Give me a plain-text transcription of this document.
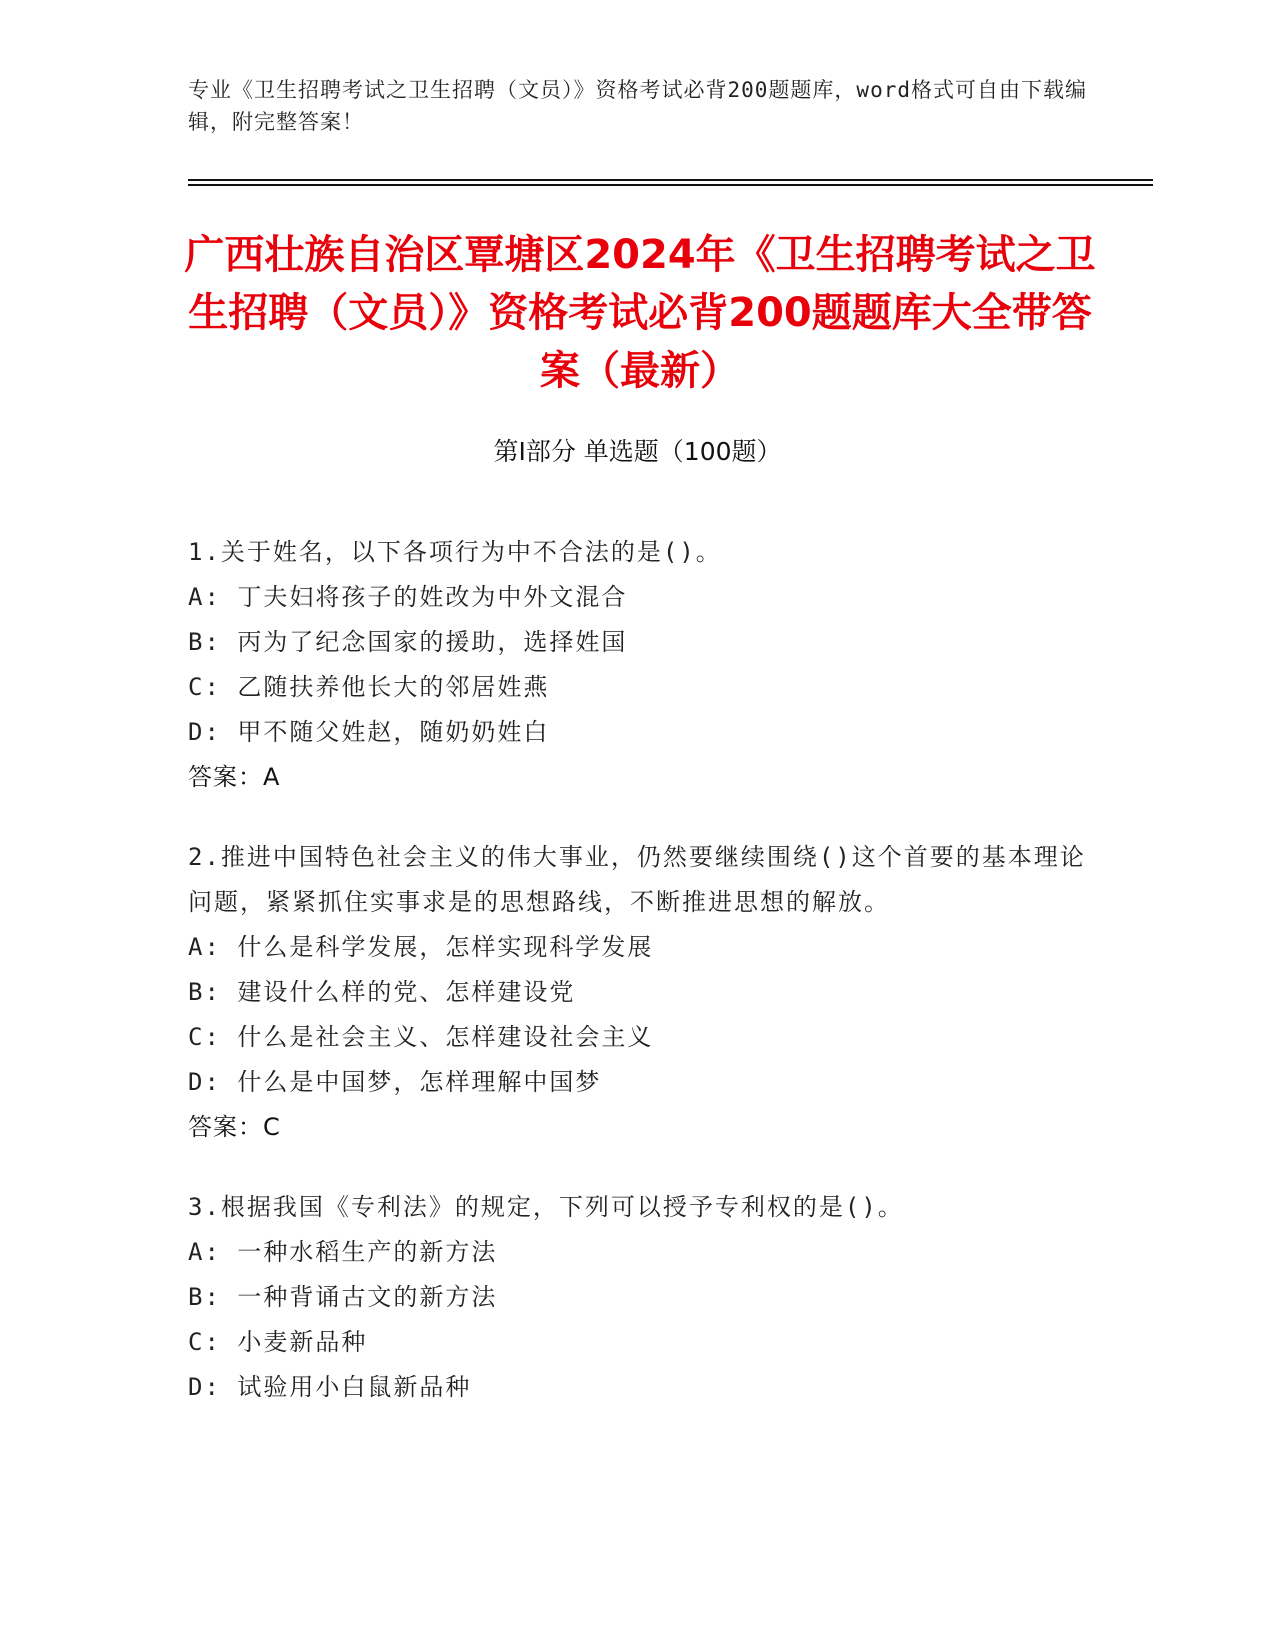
专业《卫生招聘考试之卫生招聘（文员）》资格考试必背200题题库，word格式可自由下载编辑，附完整答案！
广西壮族自治区覃塘区2024年《卫生招聘考试之卫生招聘（文员）》资格考试必背200题题库大全带答案（最新）
第Ⅰ部分 单选题（100题）
1.关于姓名，以下各项行为中不合法的是()。
A: 丁夫妇将孩子的姓改为中外文混合
B: 丙为了纪念国家的援助，选择姓国
C: 乙随扶养他长大的邻居姓燕
D: 甲不随父姓赵，随奶奶姓白
答案：A
2.推进中国特色社会主义的伟大事业，仍然要继续围绕()这个首要的基本理论问题，紧紧抓住实事求是的思想路线，不断推进思想的解放。
A: 什么是科学发展，怎样实现科学发展
B: 建设什么样的党、怎样建设党
C: 什么是社会主义、怎样建设社会主义
D: 什么是中国梦，怎样理解中国梦
答案：C
3.根据我国《专利法》的规定，下列可以授予专利权的是()。
A: 一种水稻生产的新方法
B: 一种背诵古文的新方法
C: 小麦新品种
D: 试验用小白鼠新品种
